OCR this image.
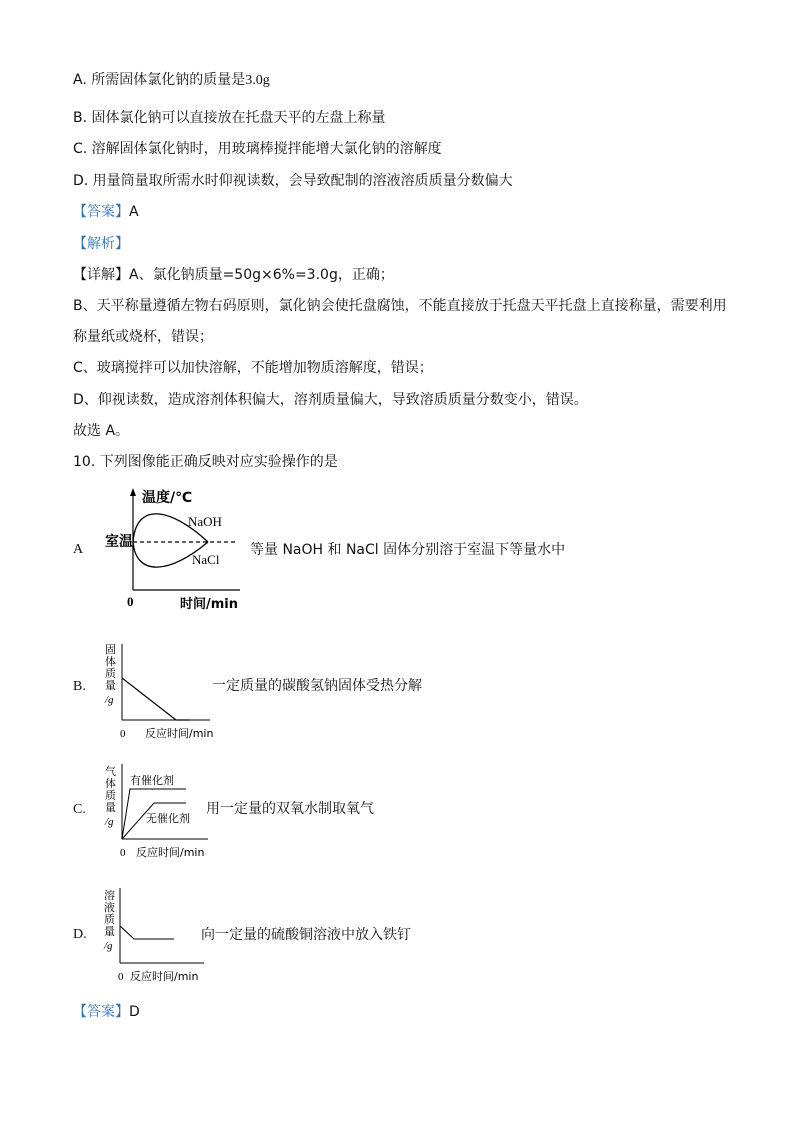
A. 所需固体氯化钠的质量是3.0g
B. 固体氯化钠可以直接放在托盘天平的左盘上称量
C. 溶解固体氯化钠时，用玻璃棒搅拌能增大氯化钠的溶解度
D. 用量筒量取所需水时仰视读数，会导致配制的溶液溶质质量分数偏大
【答案】A
【解析】
【详解】A、氯化钠质量=50g×6%=3.0g，正确；
B、天平称量遵循左物右码原则，氯化钠会使托盘腐蚀，不能直接放于托盘天平托盘上直接称量，需要利用
称量纸或烧杯，错误；
C、玻璃搅拌可以加快溶解，不能增加物质溶解度，错误；
D、仰视读数，造成溶剂体积偏大，溶剂质量偏大，导致溶质质量分数变小，错误。
故选 A。
10. 下列图像能正确反映对应实验操作的是
A
温度/℃
室温
NaOH
NaCl
0	时间/min
等量 NaOH 和 NaCl 固体分别溶于室温下等量水中
B.
固
体
质
量
/g
0 反应时间/min
一定质量的碳酸氢钠固体受热分解
C.
气
体
质
量
/g
有催化剂
无催化剂
0 反应时间/min
用一定量的双氧水制取氧气
D.
溶
液
质
量
/g
0 反应时间/min
向一定量的硫酸铜溶液中放入铁钉
【答案】D
